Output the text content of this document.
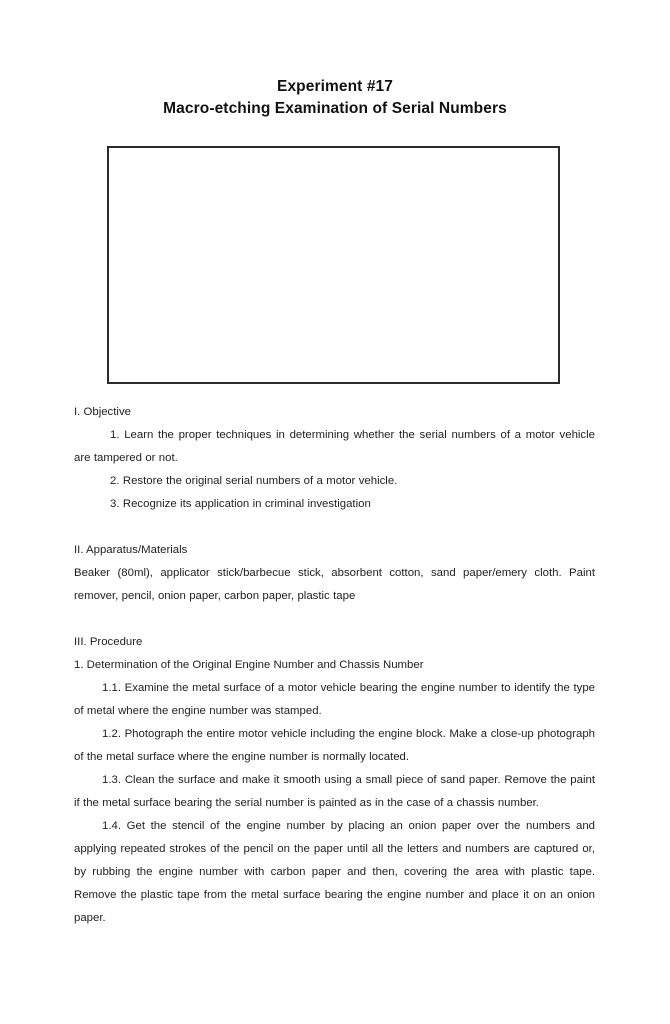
Experiment #17
Macro-etching Examination of Serial Numbers

I. Objective

1. Learn the proper techniques in determining whether the serial numbers of a motor vehicle are tampered or not.

2. Restore the original serial numbers of a motor vehicle.

3. Recognize its application in criminal investigation

II. Apparatus/Materials

Beaker (80ml), applicator stick/barbecue stick, absorbent cotton, sand paper/emery cloth. Paint remover, pencil, onion paper, carbon paper, plastic tape

III. Procedure

1. Determination of the Original Engine Number and Chassis Number

1.1. Examine the metal surface of a motor vehicle bearing the engine number to identify the type of metal where the engine number was stamped.

1.2. Photograph the entire motor vehicle including the engine block. Make a close-up photograph of the metal surface where the engine number is normally located.

1.3. Clean the surface and make it smooth using a small piece of sand paper. Remove the paint if the metal surface bearing the serial number is painted as in the case of a chassis number.

1.4. Get the stencil of the engine number by placing an onion paper over the numbers and applying repeated strokes of the pencil on the paper until all the letters and numbers are captured or, by rubbing the engine number with carbon paper and then, covering the area with plastic tape. Remove the plastic tape from the metal surface bearing the engine number and place it on an onion paper.
